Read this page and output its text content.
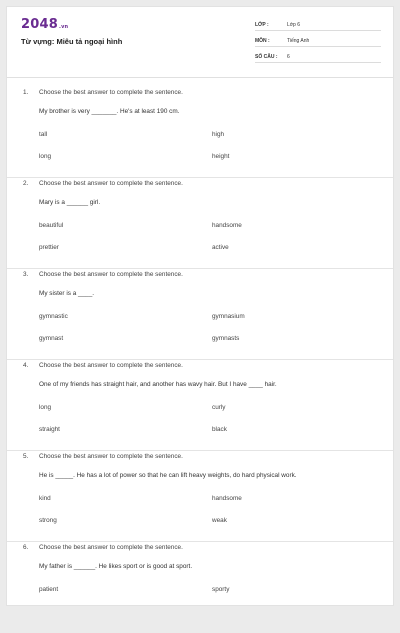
2048.vn
Từ vựng: Miêu tả ngoại hình
LỚP :	Lớp 6
MÔN :	Tiếng Anh
SỐ CÂU :	6
1. Choose the best answer to complete the sentence.
My brother is very _______. He's at least 190 cm.
tall	high
long	height
2. Choose the best answer to complete the sentence.
Mary is a ______ girl.
beautiful	handsome
prettier	active
3. Choose the best answer to complete the sentence.
My sister is a ____.
gymnastic	gymnasium
gymnast	gymnasts
4. Choose the best answer to complete the sentence.
One of my friends has straight hair, and another has wavy hair. But I have ____ hair.
long	curly
straight	black
5. Choose the best answer to complete the sentence.
He is _____. He has a lot of power so that he can lift heavy weights, do hard physical work.
kind	handsome
strong	weak
6. Choose the best answer to complete the sentence.
My father is ______. He likes sport or is good at sport.
patient	sporty
